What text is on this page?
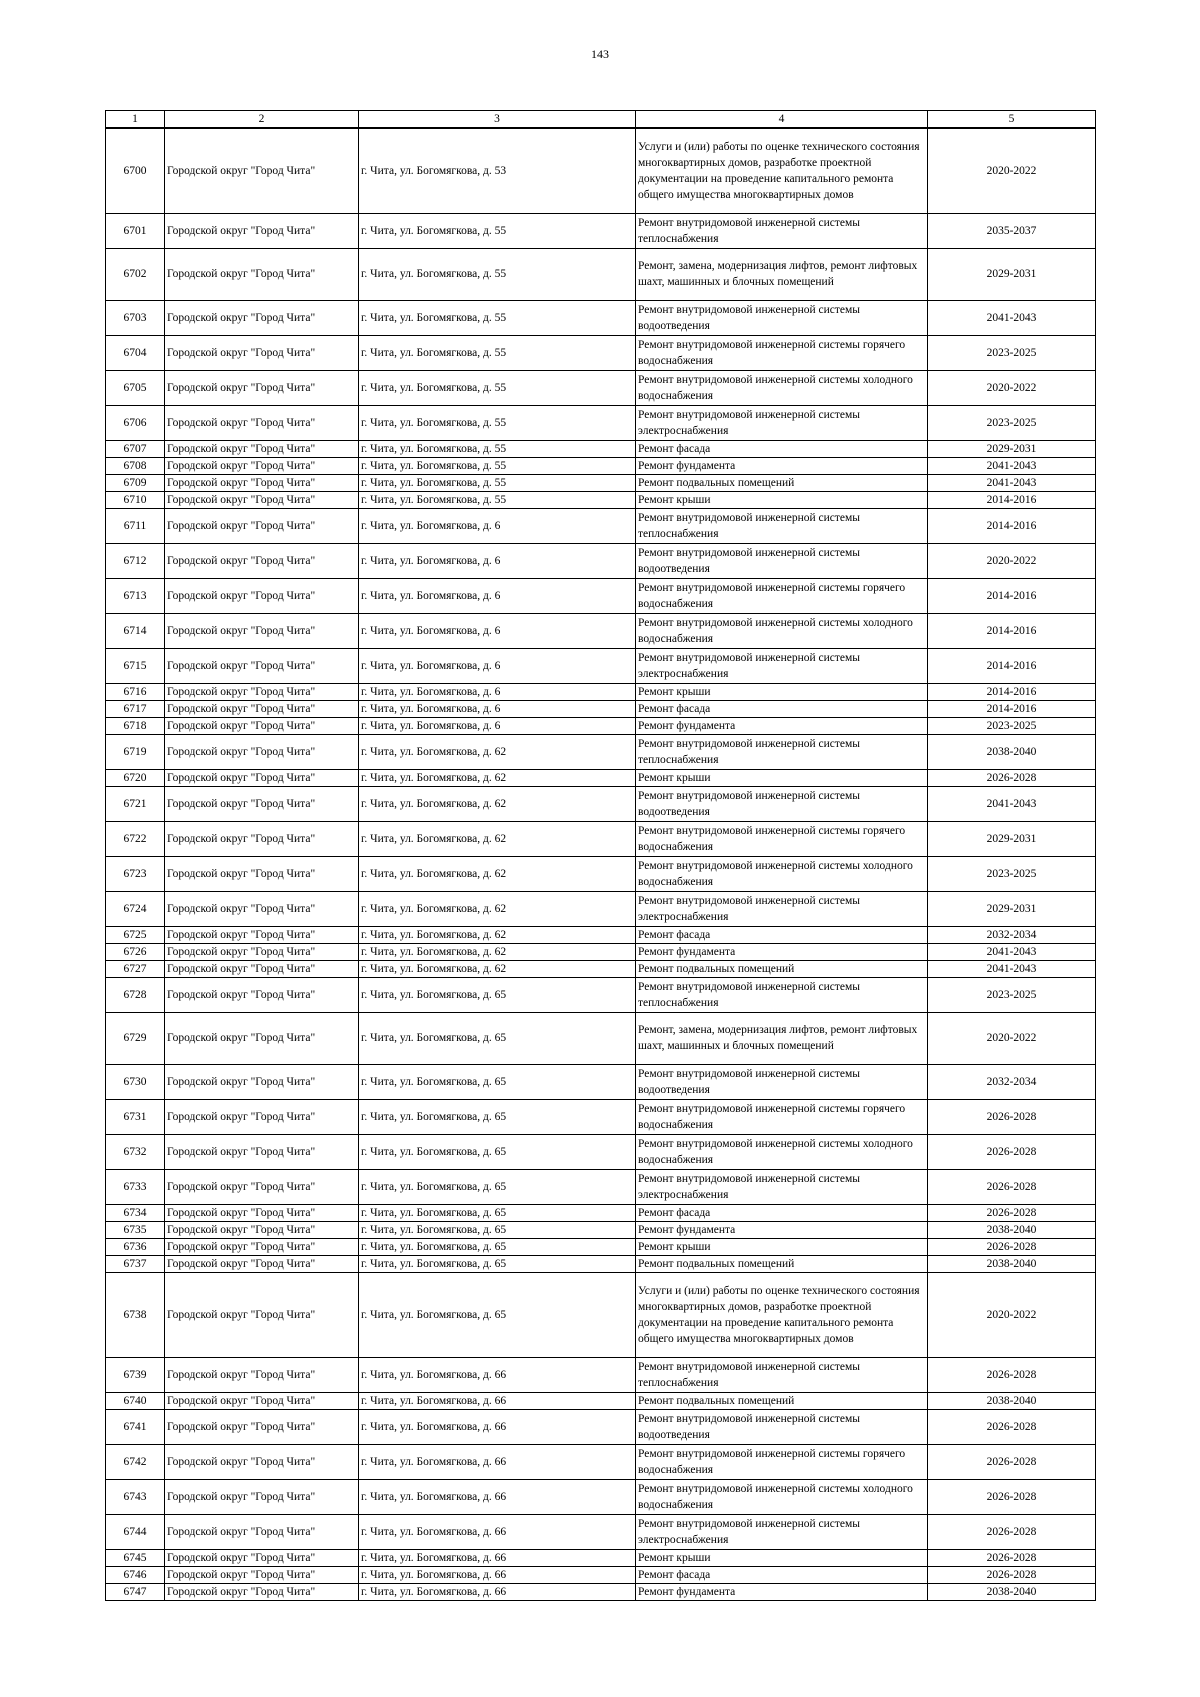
143
1	2	3	4	5
6700	Городской округ "Город Чита"	г. Чита, ул. Богомягкова, д. 53	Услуги и (или) работы по оценке технического состояния многоквартирных домов, разработке проектной документации на проведение капитального ремонта общего имущества многоквартирных домов	2020-2022
6701	Городской округ "Город Чита"	г. Чита, ул. Богомягкова, д. 55	Ремонт внутридомовой инженерной системы теплоснабжения	2035-2037
6702	Городской округ "Город Чита"	г. Чита, ул. Богомягкова, д. 55	Ремонт, замена, модернизация лифтов, ремонт лифтовых шахт, машинных и блочных помещений	2029-2031
6703	Городской округ "Город Чита"	г. Чита, ул. Богомягкова, д. 55	Ремонт внутридомовой инженерной системы водоотведения	2041-2043
6704	Городской округ "Город Чита"	г. Чита, ул. Богомягкова, д. 55	Ремонт внутридомовой инженерной системы горячего водоснабжения	2023-2025
6705	Городской округ "Город Чита"	г. Чита, ул. Богомягкова, д. 55	Ремонт внутридомовой инженерной системы холодного водоснабжения	2020-2022
6706	Городской округ "Город Чита"	г. Чита, ул. Богомягкова, д. 55	Ремонт внутридомовой инженерной системы электроснабжения	2023-2025
6707	Городской округ "Город Чита"	г. Чита, ул. Богомягкова, д. 55	Ремонт фасада	2029-2031
6708	Городской округ "Город Чита"	г. Чита, ул. Богомягкова, д. 55	Ремонт фундамента	2041-2043
6709	Городской округ "Город Чита"	г. Чита, ул. Богомягкова, д. 55	Ремонт подвальных помещений	2041-2043
6710	Городской округ "Город Чита"	г. Чита, ул. Богомягкова, д. 55	Ремонт крыши	2014-2016
6711	Городской округ "Город Чита"	г. Чита, ул. Богомягкова, д. 6	Ремонт внутридомовой инженерной системы теплоснабжения	2014-2016
6712	Городской округ "Город Чита"	г. Чита, ул. Богомягкова, д. 6	Ремонт внутридомовой инженерной системы водоотведения	2020-2022
6713	Городской округ "Город Чита"	г. Чита, ул. Богомягкова, д. 6	Ремонт внутридомовой инженерной системы горячего водоснабжения	2014-2016
6714	Городской округ "Город Чита"	г. Чита, ул. Богомягкова, д. 6	Ремонт внутридомовой инженерной системы холодного водоснабжения	2014-2016
6715	Городской округ "Город Чита"	г. Чита, ул. Богомягкова, д. 6	Ремонт внутридомовой инженерной системы электроснабжения	2014-2016
6716	Городской округ "Город Чита"	г. Чита, ул. Богомягкова, д. 6	Ремонт крыши	2014-2016
6717	Городской округ "Город Чита"	г. Чита, ул. Богомягкова, д. 6	Ремонт фасада	2014-2016
6718	Городской округ "Город Чита"	г. Чита, ул. Богомягкова, д. 6	Ремонт фундамента	2023-2025
6719	Городской округ "Город Чита"	г. Чита, ул. Богомягкова, д. 62	Ремонт внутридомовой инженерной системы теплоснабжения	2038-2040
6720	Городской округ "Город Чита"	г. Чита, ул. Богомягкова, д. 62	Ремонт крыши	2026-2028
6721	Городской округ "Город Чита"	г. Чита, ул. Богомягкова, д. 62	Ремонт внутридомовой инженерной системы водоотведения	2041-2043
6722	Городской округ "Город Чита"	г. Чита, ул. Богомягкова, д. 62	Ремонт внутридомовой инженерной системы горячего водоснабжения	2029-2031
6723	Городской округ "Город Чита"	г. Чита, ул. Богомягкова, д. 62	Ремонт внутридомовой инженерной системы холодного водоснабжения	2023-2025
6724	Городской округ "Город Чита"	г. Чита, ул. Богомягкова, д. 62	Ремонт внутридомовой инженерной системы электроснабжения	2029-2031
6725	Городской округ "Город Чита"	г. Чита, ул. Богомягкова, д. 62	Ремонт фасада	2032-2034
6726	Городской округ "Город Чита"	г. Чита, ул. Богомягкова, д. 62	Ремонт фундамента	2041-2043
6727	Городской округ "Город Чита"	г. Чита, ул. Богомягкова, д. 62	Ремонт подвальных помещений	2041-2043
6728	Городской округ "Город Чита"	г. Чита, ул. Богомягкова, д. 65	Ремонт внутридомовой инженерной системы теплоснабжения	2023-2025
6729	Городской округ "Город Чита"	г. Чита, ул. Богомягкова, д. 65	Ремонт, замена, модернизация лифтов, ремонт лифтовых шахт, машинных и блочных помещений	2020-2022
6730	Городской округ "Город Чита"	г. Чита, ул. Богомягкова, д. 65	Ремонт внутридомовой инженерной системы водоотведения	2032-2034
6731	Городской округ "Город Чита"	г. Чита, ул. Богомягкова, д. 65	Ремонт внутридомовой инженерной системы горячего водоснабжения	2026-2028
6732	Городской округ "Город Чита"	г. Чита, ул. Богомягкова, д. 65	Ремонт внутридомовой инженерной системы холодного водоснабжения	2026-2028
6733	Городской округ "Город Чита"	г. Чита, ул. Богомягкова, д. 65	Ремонт внутридомовой инженерной системы электроснабжения	2026-2028
6734	Городской округ "Город Чита"	г. Чита, ул. Богомягкова, д. 65	Ремонт фасада	2026-2028
6735	Городской округ "Город Чита"	г. Чита, ул. Богомягкова, д. 65	Ремонт фундамента	2038-2040
6736	Городской округ "Город Чита"	г. Чита, ул. Богомягкова, д. 65	Ремонт крыши	2026-2028
6737	Городской округ "Город Чита"	г. Чита, ул. Богомягкова, д. 65	Ремонт подвальных помещений	2038-2040
6738	Городской округ "Город Чита"	г. Чита, ул. Богомягкова, д. 65	Услуги и (или) работы по оценке технического состояния многоквартирных домов, разработке проектной документации на проведение капитального ремонта общего имущества многоквартирных домов	2020-2022
6739	Городской округ "Город Чита"	г. Чита, ул. Богомягкова, д. 66	Ремонт внутридомовой инженерной системы теплоснабжения	2026-2028
6740	Городской округ "Город Чита"	г. Чита, ул. Богомягкова, д. 66	Ремонт подвальных помещений	2038-2040
6741	Городской округ "Город Чита"	г. Чита, ул. Богомягкова, д. 66	Ремонт внутридомовой инженерной системы водоотведения	2026-2028
6742	Городской округ "Город Чита"	г. Чита, ул. Богомягкова, д. 66	Ремонт внутридомовой инженерной системы горячего водоснабжения	2026-2028
6743	Городской округ "Город Чита"	г. Чита, ул. Богомягкова, д. 66	Ремонт внутридомовой инженерной системы холодного водоснабжения	2026-2028
6744	Городской округ "Город Чита"	г. Чита, ул. Богомягкова, д. 66	Ремонт внутридомовой инженерной системы электроснабжения	2026-2028
6745	Городской округ "Город Чита"	г. Чита, ул. Богомягкова, д. 66	Ремонт крыши	2026-2028
6746	Городской округ "Город Чита"	г. Чита, ул. Богомягкова, д. 66	Ремонт фасада	2026-2028
6747	Городской округ "Город Чита"	г. Чита, ул. Богомягкова, д. 66	Ремонт фундамента	2038-2040
